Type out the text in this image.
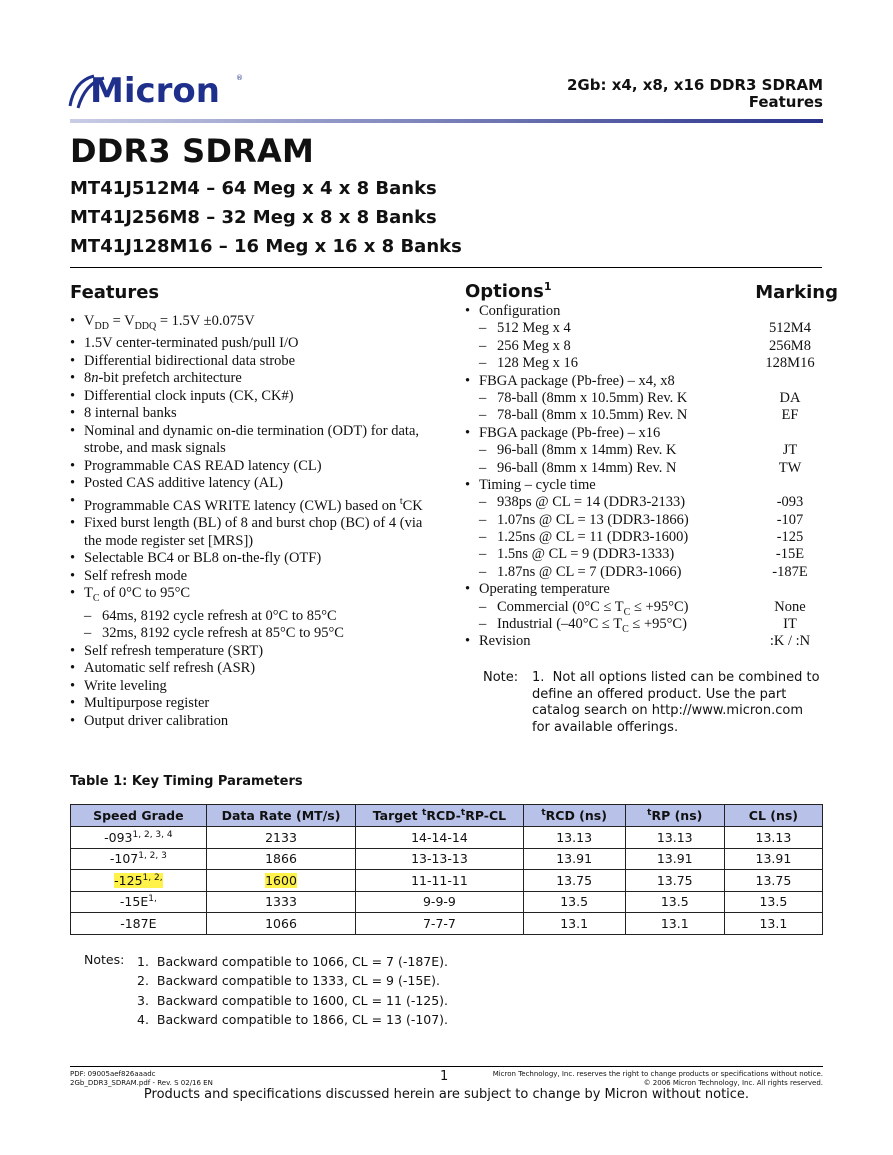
Micron ®	2Gb: x4, x8, x16 DDR3 SDRAM
Features
DDR3 SDRAM
MT41J512M4 – 64 Meg x 4 x 8 Banks
MT41J256M8 – 32 Meg x 8 x 8 Banks
MT41J128M16 – 16 Meg x 16 x 8 Banks
Features
• $V_{DD} = V_{DDQ} = 1.5V \pm 0.075V$
• 1.5V center-terminated push/pull I/O
• Differential bidirectional data strobe
• 8n-bit prefetch architecture
• Differential clock inputs (CK, CK#)
• 8 internal banks
• Nominal and dynamic on-die termination (ODT) for data, strobe, and mask signals
• Programmable CAS READ latency (CL)
• Posted CAS additive latency (AL)
• Programmable CAS WRITE latency (CWL) based on $^t$CK
• Fixed burst length (BL) of 8 and burst chop (BC) of 4 (via the mode register set [MRS])
• Selectable BC4 or BL8 on-the-fly (OTF)
• Self refresh mode
• $T_C$ of 0°C to 95°C
– 64ms, 8192 cycle refresh at 0°C to 85°C
– 32ms, 8192 cycle refresh at 85°C to 95°C
• Self refresh temperature (SRT)
• Automatic self refresh (ASR)
• Write leveling
• Multipurpose register
• Output driver calibration
Options$^1$	Marking
• Configuration
– 512 Meg x 4	512M4
– 256 Meg x 8	256M8
– 128 Meg x 16	128M16
• FBGA package (Pb-free) – x4, x8
– 78-ball (8mm x 10.5mm) Rev. K	DA
– 78-ball (8mm x 10.5mm) Rev. N	EF
• FBGA package (Pb-free) – x16
– 96-ball (8mm x 14mm) Rev. K	JT
– 96-ball (8mm x 14mm) Rev. N	TW
• Timing – cycle time
– 938ps @ CL = 14 (DDR3-2133)	-093
– 1.07ns @ CL = 13 (DDR3-1866)	-107
– 1.25ns @ CL = 11 (DDR3-1600)	-125
– 1.5ns @ CL = 9 (DDR3-1333)	-15E
– 1.87ns @ CL = 7 (DDR3-1066)	-187E
• Operating temperature
– Commercial $(0^\circ C \le T_C \le +95^\circ C)$	None
– Industrial $(-40^\circ C \le T_C \le +95^\circ C)$	IT
• Revision	:K / :N
Note: 1.  Not all options listed can be combined to define an offered product. Use the part catalog search on http://www.micron.com for available offerings.
Table 1: Key Timing Parameters
Speed Grade	Data Rate (MT/s)	Target $^t$RCD-$^t$RP-CL	$^t$RCD (ns)	$^t$RP (ns)	CL (ns)
-093$^{1, 2, 3, 4}$	2133	14-14-14	13.13	13.13	13.13
-107$^{1, 2, 3}$	1866	13-13-13	13.91	13.91	13.91
$-125^{1, 2,}$	1600	11-11-11	13.75	13.75	13.75
$-15E^{1,}$	1333	9-9-9	13.5	13.5	13.5
-187E	1066	7-7-7	13.1	13.1	13.1
Notes: 1.  Backward compatible to 1066, CL = 7 (-187E).
2.  Backward compatible to 1333, CL = 9 (-15E).
3.  Backward compatible to 1600, CL = 11 (-125).
4.  Backward compatible to 1866, CL = 13 (-107).
PDF: 09005aef826aaadc
2Gb_DDR3_SDRAM.pdf - Rev. S 02/16 EN	1	Micron Technology, Inc. reserves the right to change products or specifications without notice.
© 2006 Micron Technology, Inc. All rights reserved.
Products and specifications discussed herein are subject to change by Micron without notice.
